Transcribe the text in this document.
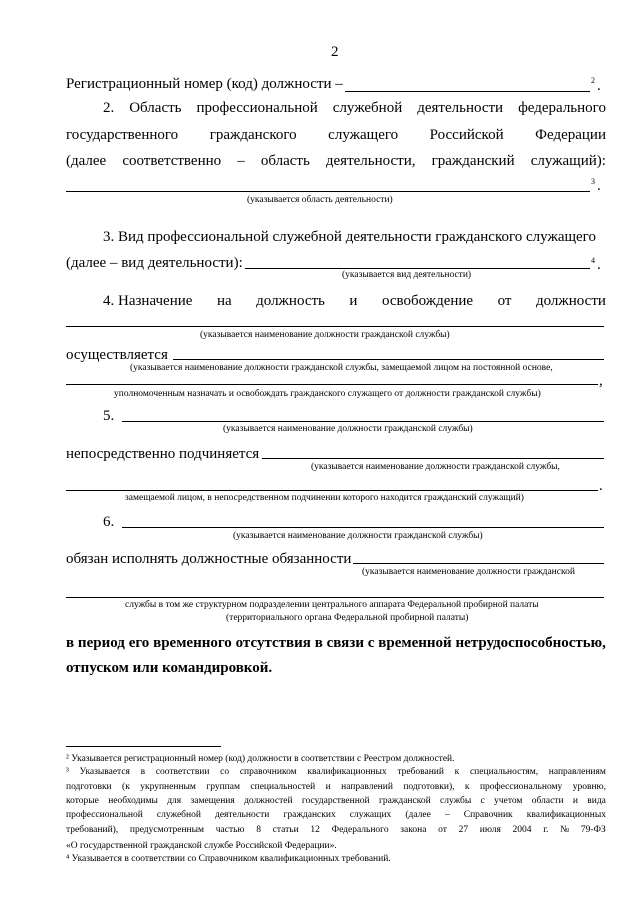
2
Регистрационный номер (код) должности –	2 .
2. Область профессиональной служебной деятельности федерального
государственного гражданского служащего Российской Федерации
(далее соответственно – область деятельности, гражданский служащий):
3 .
(указывается область деятельности)
3. Вид профессиональной служебной деятельности гражданского служащего
(далее – вид деятельности):	4 .
(указывается вид деятельности)
4. Назначение на должность и освобождение от должности
(указывается наименование должности гражданской службы)
осуществляется
(указывается наименование должности гражданской службы, замещаемой лицом на постоянной основе,
,
уполномоченным назначать и освобождать гражданского служащего от должности гражданской службы)
5.
(указывается наименование должности гражданской службы)
непосредственно подчиняется
(указывается наименование должности гражданской службы,
.
замещаемой лицом, в непосредственном подчинении которого находится гражданский служащий)
6.
(указывается наименование должности гражданской службы)
обязан исполнять должностные обязанности
(указывается наименование должности гражданской
службы в том же структурном подразделении центрального аппарата Федеральной пробирной палаты
(территориального органа Федеральной пробирной палаты)
в период его временного отсутствия в связи с временной нетрудоспособностью,
отпуском или командировкой.
² Указывается регистрационный номер (код) должности в соответствии с Реестром должностей.
³ Указывается в соответствии со справочником квалификационных требований к специальностям, направлениям
подготовки (к укрупненным группам специальностей и направлений подготовки), к профессиональному уровню,
которые необходимы для замещения должностей государственной гражданской службы с учетом области и вида
профессиональной служебной деятельности гражданских служащих (далее – Справочник квалификационных
требований), предусмотренным частью 8 статьи 12 Федерального закона от 27 июля 2004 г. № 79-ФЗ
«О государственной гражданской службе Российской Федерации».
⁴ Указывается в соответствии со Справочником квалификационных требований.
